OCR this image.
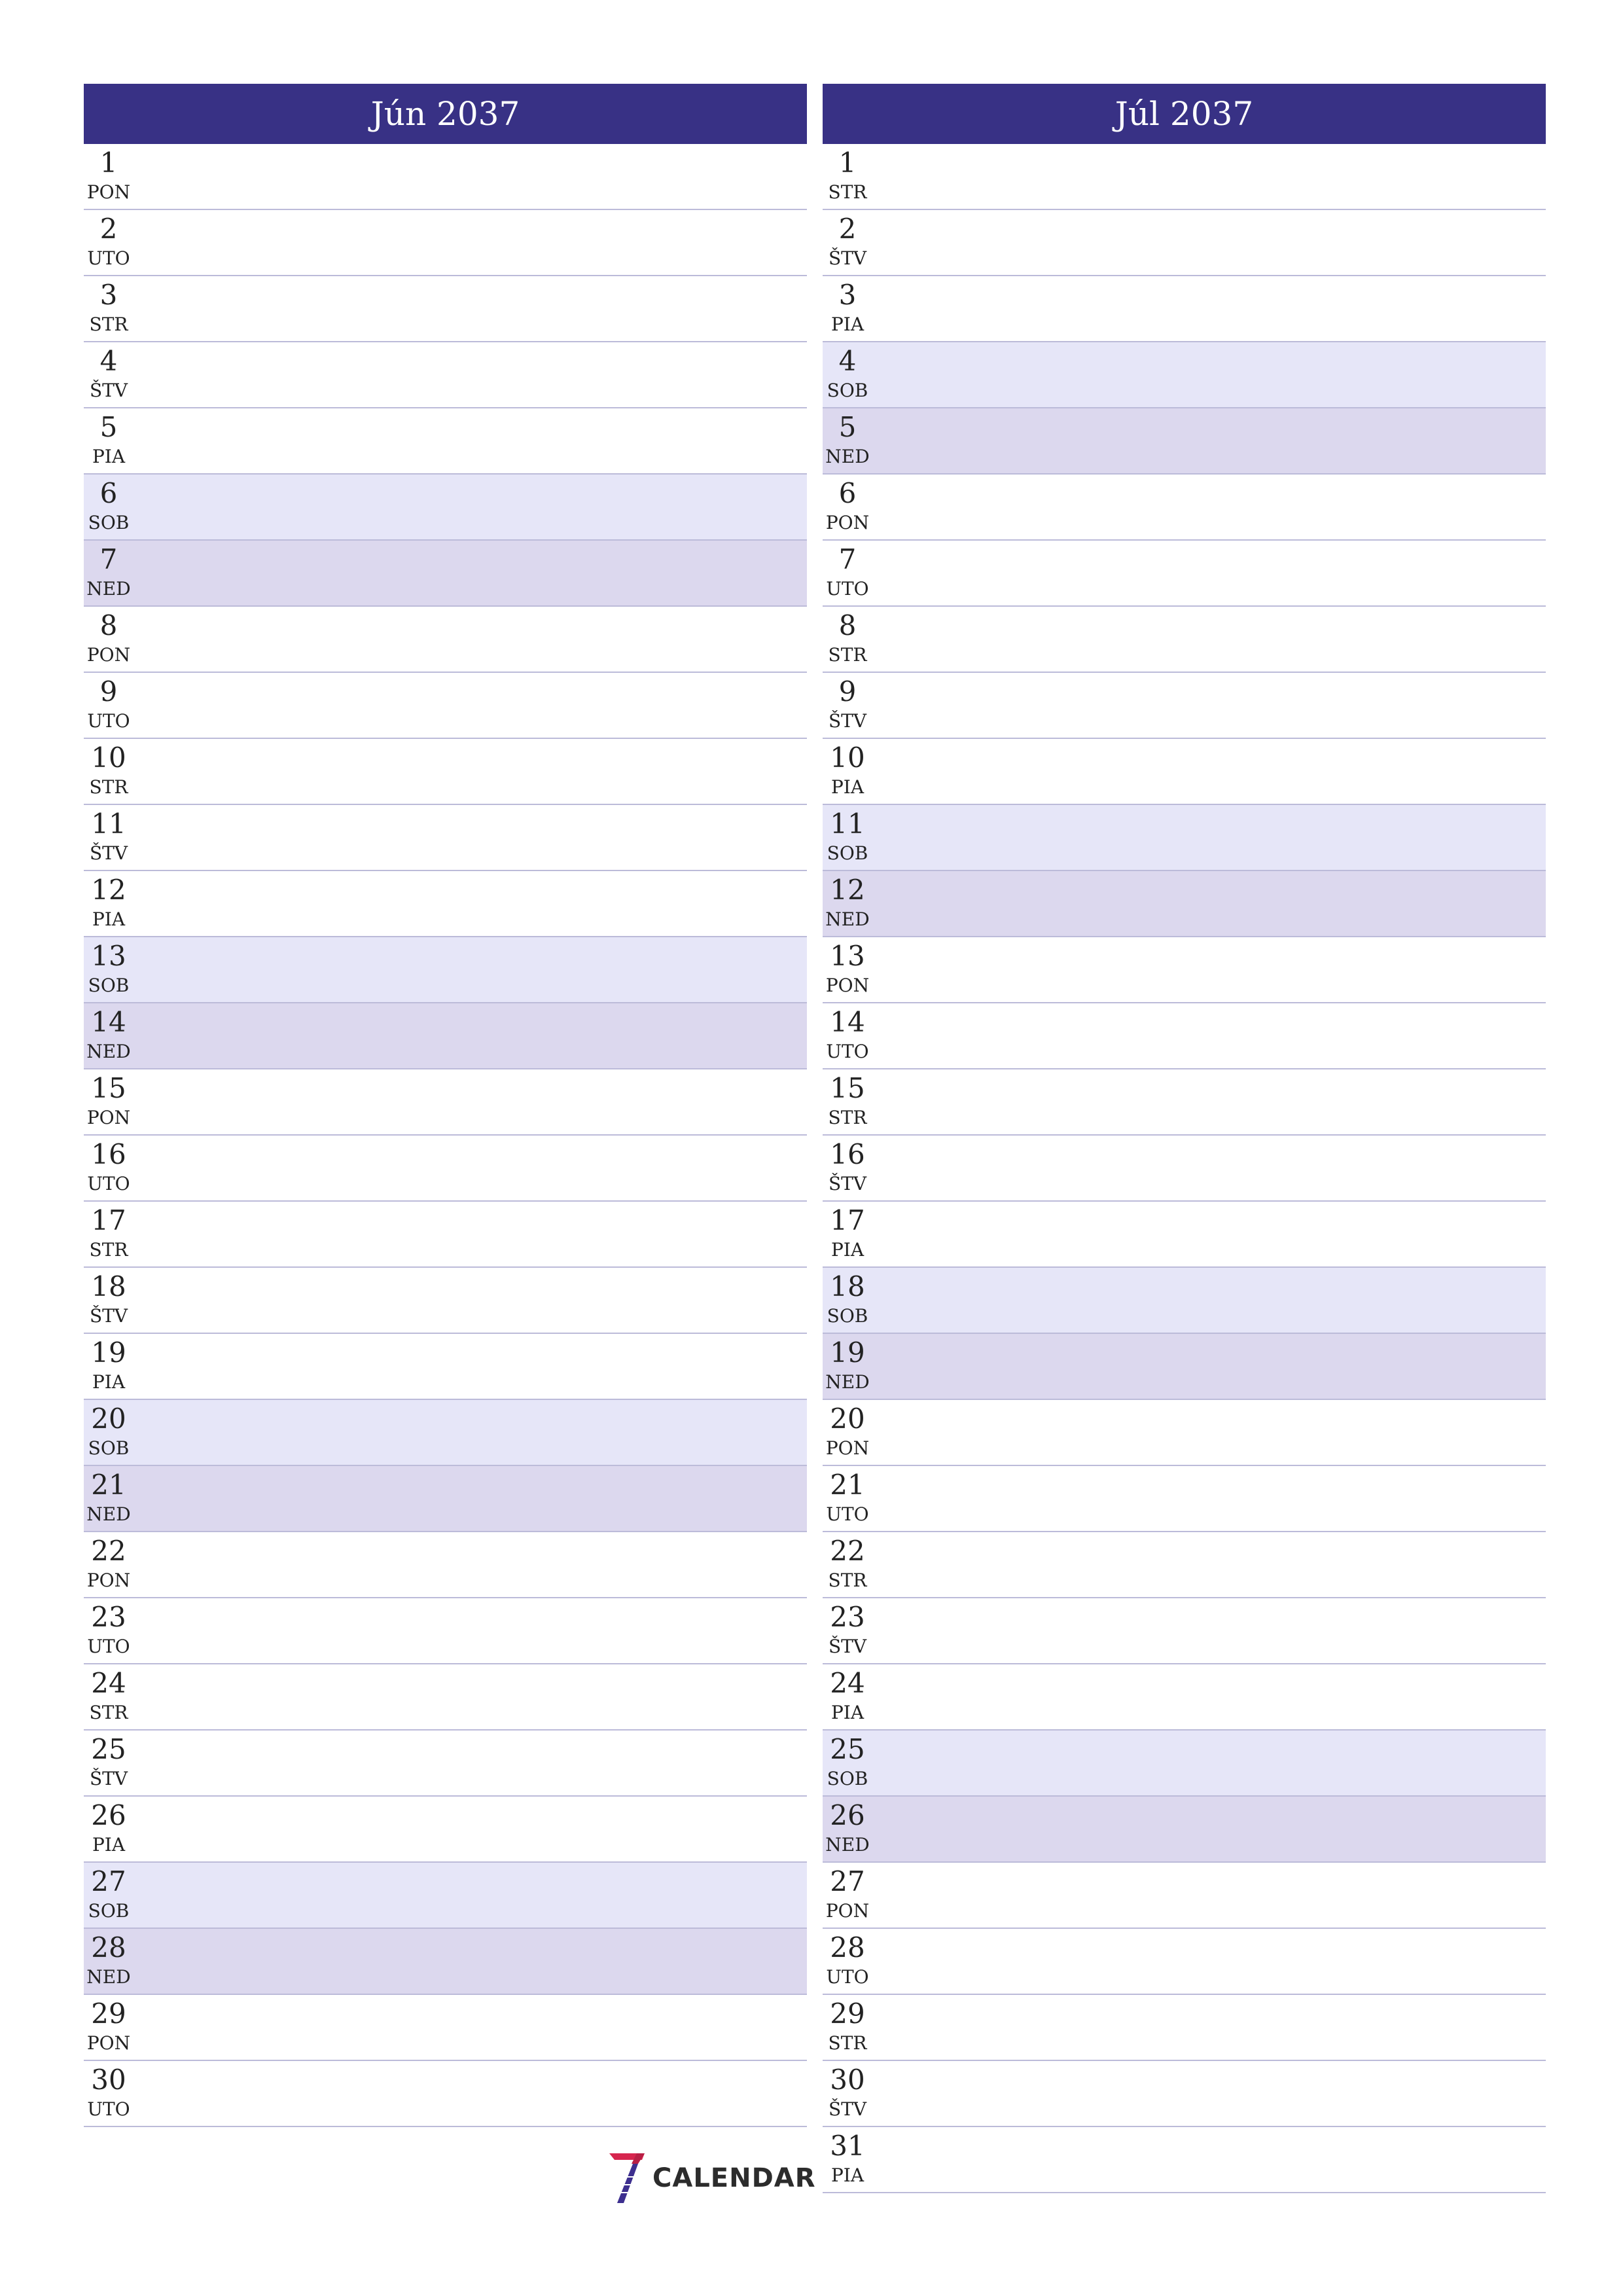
Jún 2037
1
PON
2
UTO
3
STR
4
ŠTV
5
PIA
6
SOB
7
NED
8
PON
9
UTO
10
STR
11
ŠTV
12
PIA
13
SOB
14
NED
15
PON
16
UTO
17
STR
18
ŠTV
19
PIA
20
SOB
21
NED
22
PON
23
UTO
24
STR
25
ŠTV
26
PIA
27
SOB
28
NED
29
PON
30
UTO
Júl 2037
1
STR
2
ŠTV
3
PIA
4
SOB
5
NED
6
PON
7
UTO
8
STR
9
ŠTV
10
PIA
11
SOB
12
NED
13
PON
14
UTO
15
STR
16
ŠTV
17
PIA
18
SOB
19
NED
20
PON
21
UTO
22
STR
23
ŠTV
24
PIA
25
SOB
26
NED
27
PON
28
UTO
29
STR
30
ŠTV
31
PIA
CALENDAR
